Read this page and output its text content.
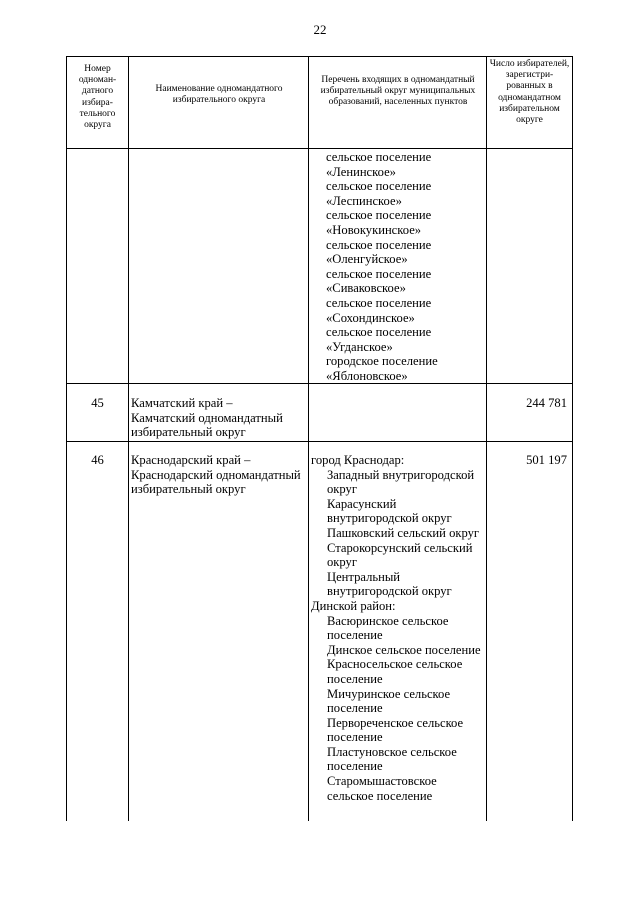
22
Номер одноман-датного избира-тельного округа
Наименование одномандатного избирательного округа
Перечень входящих в одномандатный избирательный округ муниципальных образований, населенных пунктов
Число избирателей, зарегистри-рованных в одномандатном избирательном округе
сельское поселение
«Ленинское»
сельское поселение
«Леспинское»
сельское поселение
«Новокукинское»
сельское поселение
«Оленгуйское»
сельское поселение
«Сиваковское»
сельское поселение
«Сохондинское»
сельское поселение
«Угданское»
городское поселение
«Яблоновское»
45	Камчатский край –
Камчатский одномандатный
избирательный округ
244 781
46	Краснодарский край –
Краснодарский одномандатный
избирательный округ
город Краснодар:
Западный внутригородской
округ
Карасунский
внутригородской округ
Пашковский сельский округ
Старокорсунский сельский
округ
Центральный
внутригородской округ
Динской район:
Васюринское сельское
поселение
Динское сельское поселение
Красносельское сельское
поселение
Мичуринское сельское
поселение
Первореченское сельское
поселение
Пластуновское сельское
поселение
Старомышастовское
сельское поселение
501 197
